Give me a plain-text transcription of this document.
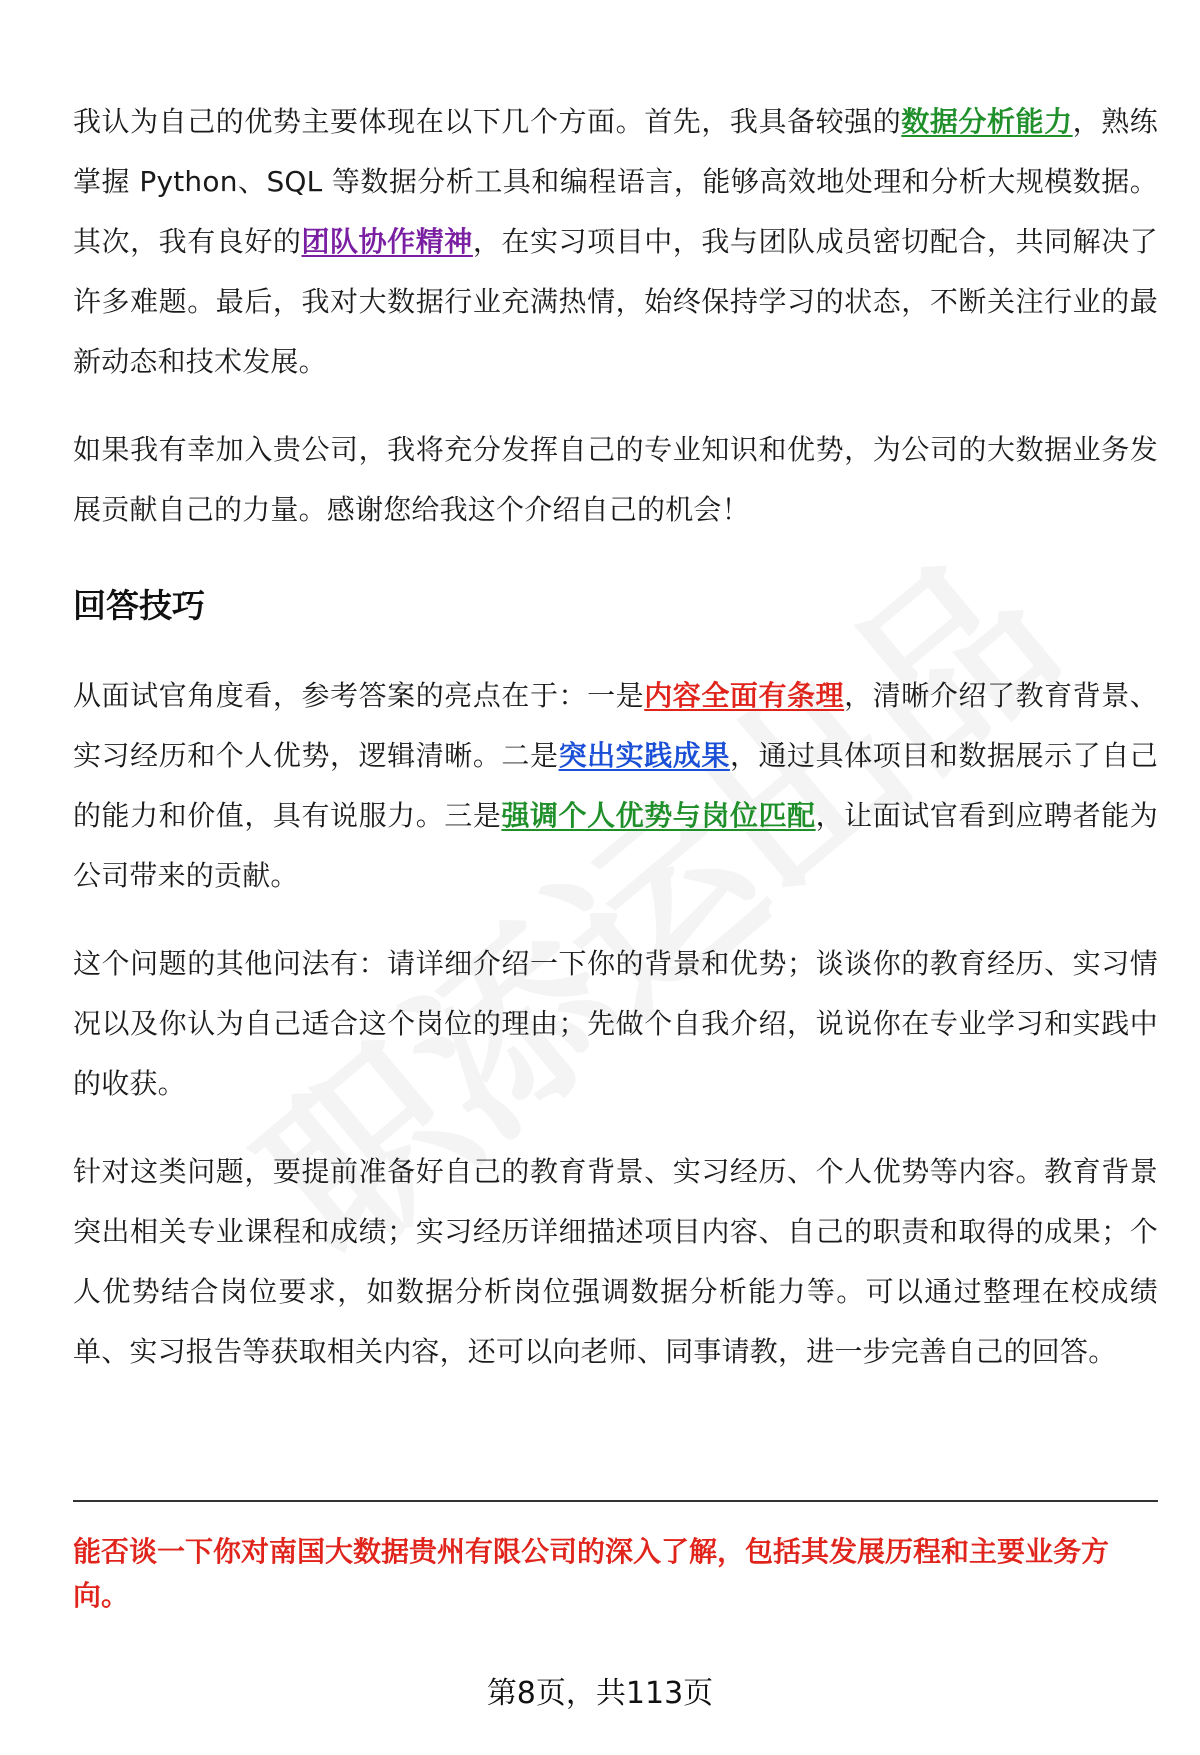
我认为自己的优势主要体现在以下几个方面。首先，我具备较强的数据分析能力，熟练掌握 Python、SQL 等数据分析工具和编程语言，能够高效地处理和分析大规模数据。其次，我有良好的团队协作精神，在实习项目中，我与团队成员密切配合，共同解决了许多难题。最后，我对大数据行业充满热情，始终保持学习的状态，不断关注行业的最新动态和技术发展。

如果我有幸加入贵公司，我将充分发挥自己的专业知识和优势，为公司的大数据业务发展贡献自己的力量。感谢您给我这个介绍自己的机会！

回答技巧

从面试官角度看，参考答案的亮点在于：一是内容全面有条理，清晰介绍了教育背景、实习经历和个人优势，逻辑清晰。二是突出实践成果，通过具体项目和数据展示了自己的能力和价值，具有说服力。三是强调个人优势与岗位匹配，让面试官看到应聘者能为公司带来的贡献。

这个问题的其他问法有：请详细介绍一下你的背景和优势；谈谈你的教育经历、实习情况以及你认为自己适合这个岗位的理由；先做个自我介绍，说说你在专业学习和实践中的收获。

针对这类问题，要提前准备好自己的教育背景、实习经历、个人优势等内容。教育背景突出相关专业课程和成绩；实习经历详细描述项目内容、自己的职责和取得的成果；个人优势结合岗位要求，如数据分析岗位强调数据分析能力等。可以通过整理在校成绩单、实习报告等获取相关内容，还可以向老师、同事请教，进一步完善自己的回答。

能否谈一下你对南国大数据贵州有限公司的深入了解，包括其发展历程和主要业务方向。

第8页，共113页
